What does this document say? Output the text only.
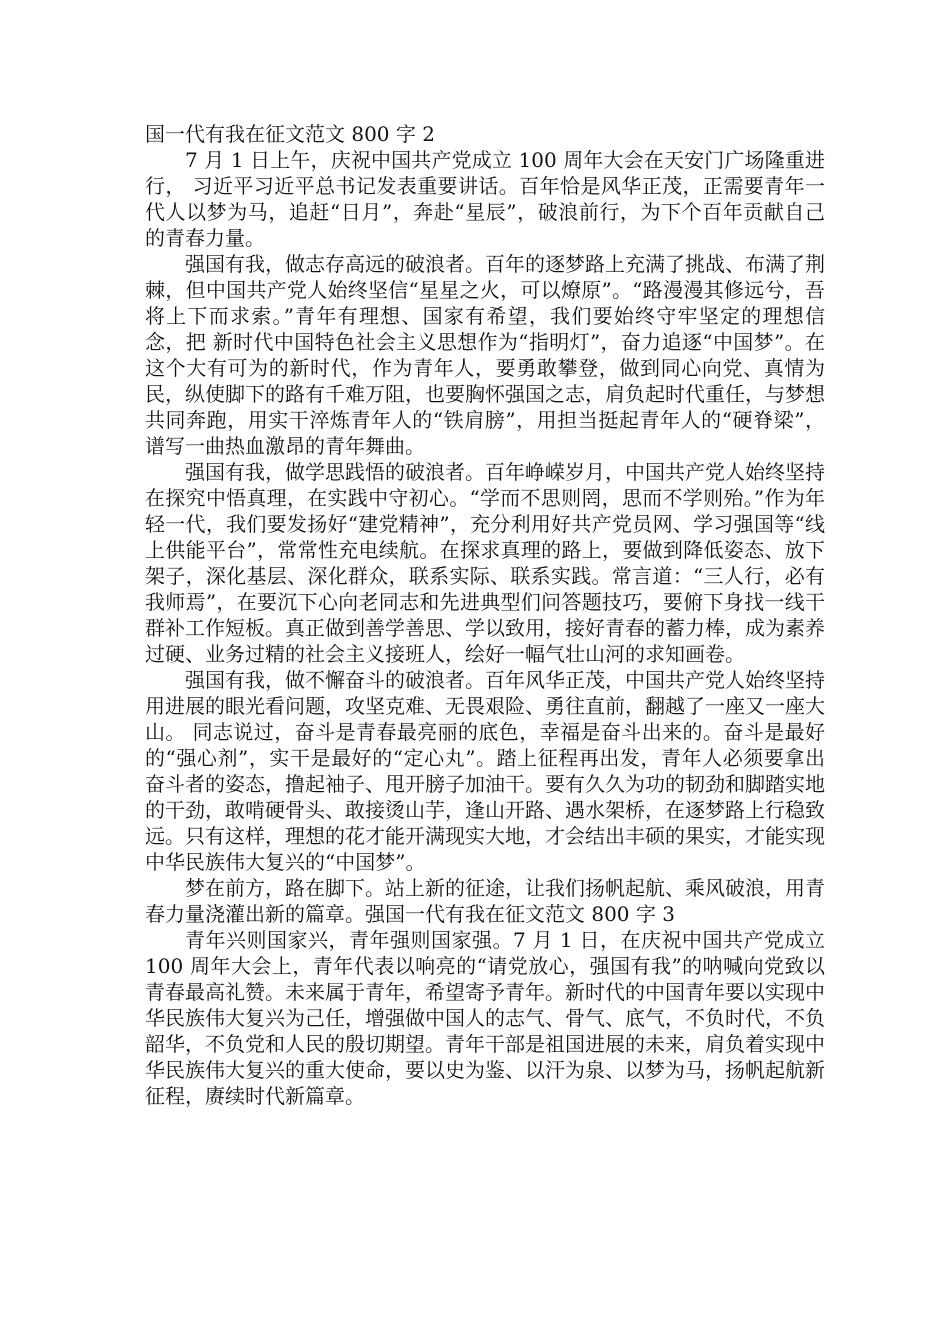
国一代有我在征文范文 800 字 2

7 月 1 日上午，庆祝中国共产党成立 100 周年大会在天安门广场隆重进行， 习近平习近平总书记发表重要讲话。百年恰是风华正茂，正需要青年一代人以梦为马，追赶“日月”，奔赴“星辰”，破浪前行，为下个百年贡献自己的青春力量。

强国有我，做志存高远的破浪者。百年的逐梦路上充满了挑战、布满了荆棘，但中国共产党人始终坚信“星星之火，可以燎原”。“路漫漫其修远兮，吾将上下而求索。”青年有理想、国家有希望，我们要始终守牢坚定的理想信念，把 新时代中国特色社会主义思想作为“指明灯”，奋力追逐“中国梦”。在这个大有可为的新时代，作为青年人，要勇敢攀登，做到同心向党、真情为民，纵使脚下的路有千难万阻，也要胸怀强国之志，肩负起时代重任，与梦想共同奔跑，用实干淬炼青年人的“铁肩膀”，用担当挺起青年人的“硬脊梁”，谱写一曲热血激昂的青年舞曲。

强国有我，做学思践悟的破浪者。百年峥嵘岁月，中国共产党人始终坚持在探究中悟真理，在实践中守初心。“学而不思则罔，思而不学则殆。”作为年轻一代，我们要发扬好“建党精神”，充分利用好共产党员网、学习强国等“线上供能平台”，常常性充电续航。在探求真理的路上，要做到降低姿态、放下架子，深化基层、深化群众，联系实际、联系实践。常言道：“三人行，必有我师焉”，在要沉下心向老同志和先进典型们问答题技巧，要俯下身找一线干群补工作短板。真正做到善学善思、学以致用，接好青春的蓄力棒，成为素养过硬、业务过精的社会主义接班人，绘好一幅气壮山河的求知画卷。

强国有我，做不懈奋斗的破浪者。百年风华正茂，中国共产党人始终坚持用进展的眼光看问题，攻坚克难、无畏艰险、勇往直前，翻越了一座又一座大山。 同志说过，奋斗是青春最亮丽的底色，幸福是奋斗出来的。奋斗是最好的“强心剂”，实干是最好的“定心丸”。踏上征程再出发，青年人必须要拿出奋斗者的姿态，撸起袖子、甩开膀子加油干。要有久久为功的韧劲和脚踏实地的干劲，敢啃硬骨头、敢接烫山芋，逢山开路、遇水架桥，在逐梦路上行稳致远。只有这样，理想的花才能开满现实大地，才会结出丰硕的果实，才能实现中华民族伟大复兴的“中国梦”。

梦在前方，路在脚下。站上新的征途，让我们扬帆起航、乘风破浪，用青春力量浇灌出新的篇章。强国一代有我在征文范文 800 字 3

青年兴则国家兴，青年强则国家强。7 月 1 日，在庆祝中国共产党成立 100 周年大会上，青年代表以响亮的“请党放心，强国有我”的呐喊向党致以青春最高礼赞。未来属于青年，希望寄予青年。新时代的中国青年要以实现中华民族伟大复兴为己任，增强做中国人的志气、骨气、底气，不负时代，不负韶华，不负党和人民的殷切期望。青年干部是祖国进展的未来，肩负着实现中华民族伟大复兴的重大使命，要以史为鉴、以汗为泉、以梦为马，扬帆起航新征程，赓续时代新篇章。
